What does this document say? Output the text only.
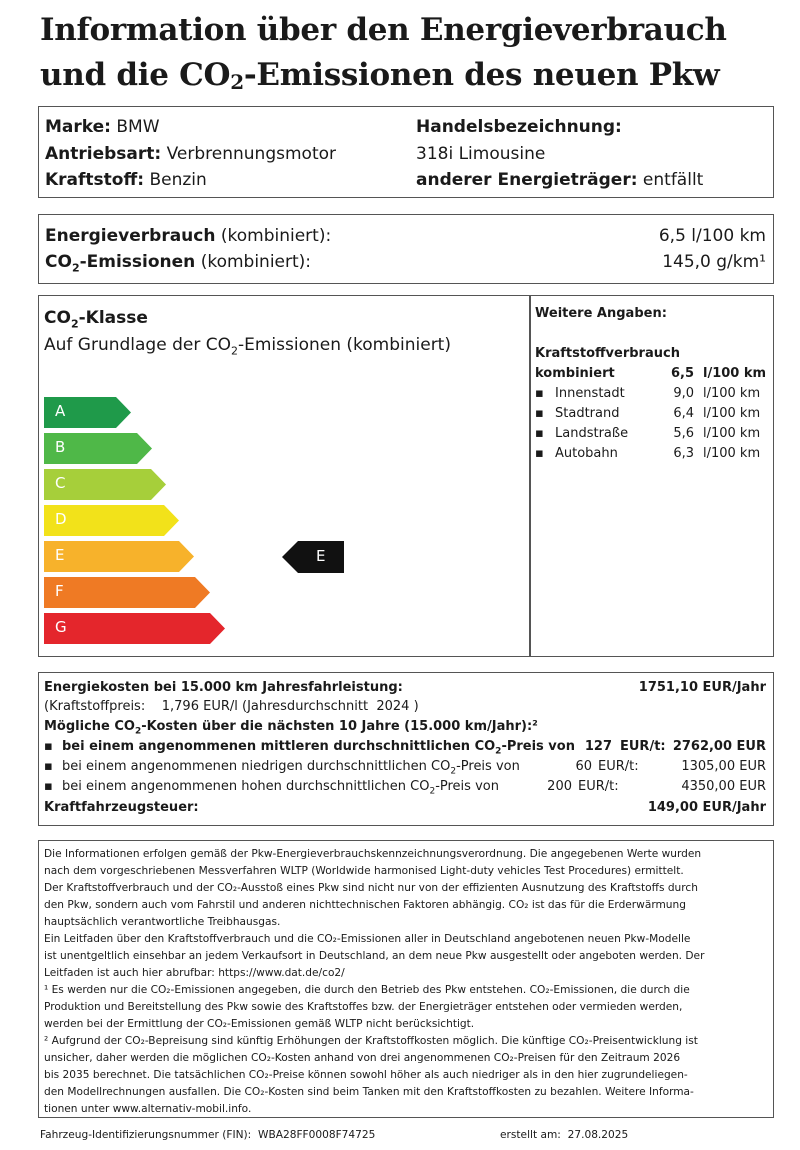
Information über den Energieverbrauch
und die $CO_2$-Emissionen des neuen Pkw
Marke: BMW
Antriebsart: Verbrennungsmotor
Kraftstoff: Benzin
Handelsbezeichnung:
318i Limousine
anderer Energieträger: entfällt
Energieverbrauch (kombiniert):	6,5 l/100 km
$CO_2$-Emissionen (kombiniert):	145,0 g/km¹
$CO_2$-Klasse
Auf Grundlage der $CO_2$-Emissionen (kombiniert)
A
B
C
D
E
F
G
E
Weitere Angaben:
Kraftstoffverbrauch
kombiniert	6,5 l/100 km
▪ Innenstadt	9,0 l/100 km
▪ Stadtrand	6,4 l/100 km
▪ Landstraße	5,6 l/100 km
▪ Autobahn	6,3 l/100 km
Energiekosten bei 15.000 km Jahresfahrleistung:	1751,10 EUR/Jahr
(Kraftstoffpreis: 1,796 EUR/l (Jahresdurchschnitt 2024 )
Mögliche $CO_2$-Kosten über die nächsten 10 Jahre (15.000 km/Jahr):²
▪ bei einem angenommenen mittleren durchschnittlichen $CO_2$-Preis von 127 EUR/t: 2762,00 EUR
▪ bei einem angenommenen niedrigen durchschnittlichen $CO_2$-Preis von	60 EUR/t:	1305,00 EUR
▪ bei einem angenommenen hohen durchschnittlichen $CO_2$-Preis von	200 EUR/t:	4350,00 EUR
Kraftfahrzeugsteuer:	149,00 EUR/Jahr
Die Informationen erfolgen gemäß der Pkw-Energieverbrauchskennzeichnungsverordnung. Die angegebenen Werte wurden
nach dem vorgeschriebenen Messverfahren WLTP (Worldwide harmonised Light-duty vehicles Test Procedures) ermittelt.
Der Kraftstoffverbrauch und der CO₂-Ausstoß eines Pkw sind nicht nur von der effizienten Ausnutzung des Kraftstoffs durch
den Pkw, sondern auch vom Fahrstil und anderen nichttechnischen Faktoren abhängig. CO₂ ist das für die Erderwärmung
hauptsächlich verantwortliche Treibhausgas.
Ein Leitfaden über den Kraftstoffverbrauch und die CO₂-Emissionen aller in Deutschland angebotenen neuen Pkw-Modelle
ist unentgeltlich einsehbar an jedem Verkaufsort in Deutschland, an dem neue Pkw ausgestellt oder angeboten werden. Der
Leitfaden ist auch hier abrufbar: https://www.dat.de/co2/
¹ Es werden nur die CO₂-Emissionen angegeben, die durch den Betrieb des Pkw entstehen. CO₂-Emissionen, die durch die
Produktion und Bereitstellung des Pkw sowie des Kraftstoffes bzw. der Energieträger entstehen oder vermieden werden,
werden bei der Ermittlung der CO₂-Emissionen gemäß WLTP nicht berücksichtigt.
² Aufgrund der CO₂-Bepreisung sind künftig Erhöhungen der Kraftstoffkosten möglich. Die künftige CO₂-Preisentwicklung ist
unsicher, daher werden die möglichen CO₂-Kosten anhand von drei angenommenen CO₂-Preisen für den Zeitraum 2026
bis 2035 berechnet. Die tatsächlichen CO₂-Preise können sowohl höher als auch niedriger als in den hier zugrundeliegen-
den Modellrechnungen ausfallen. Die CO₂-Kosten sind beim Tanken mit den Kraftstoffkosten zu bezahlen. Weitere Informa-
tionen unter www.alternativ-mobil.info.
Fahrzeug-Identifizierungsnummer (FIN): WBA28FF0008F74725	erstellt am: 27.08.2025
